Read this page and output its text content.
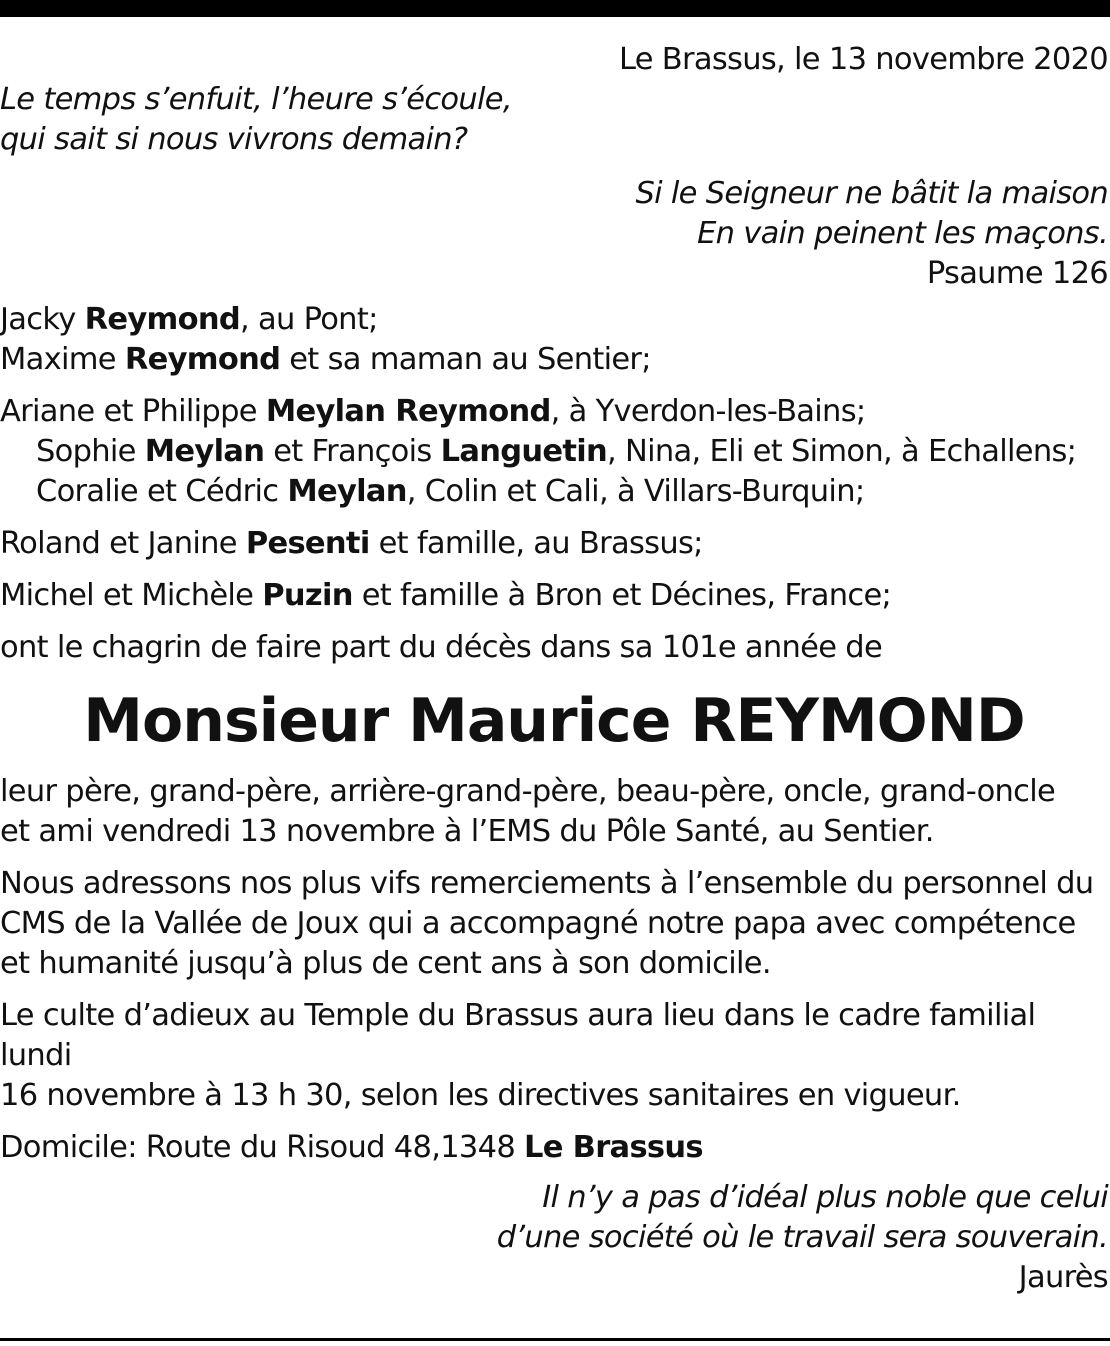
Le Brassus, le 13 novembre 2020
Le temps s’enfuit, l’heure s’écoule,
qui sait si nous vivrons demain?
Si le Seigneur ne bâtit la maison
En vain peinent les maçons.
Psaume 126
Jacky Reymond, au Pont;
Maxime Reymond et sa maman au Sentier;
Ariane et Philippe Meylan Reymond, à Yverdon-les-Bains;
Sophie Meylan et François Languetin, Nina, Eli et Simon, à Echallens;
Coralie et Cédric Meylan, Colin et Cali, à Villars-Burquin;
Roland et Janine Pesenti et famille, au Brassus;
Michel et Michèle Puzin et famille à Bron et Décines, France;
ont le chagrin de faire part du décès dans sa 101e année de
Monsieur Maurice REYMOND
leur père, grand-père, arrière-grand-père, beau-père, oncle, grand-oncle
et ami vendredi 13 novembre à l’EMS du Pôle Santé, au Sentier.
Nous adressons nos plus vifs remerciements à l’ensemble du personnel du
CMS de la Vallée de Joux qui a accompagné notre papa avec compétence
et humanité jusqu’à plus de cent ans à son domicile.
Le culte d’adieux au Temple du Brassus aura lieu dans le cadre familial lundi
16 novembre à 13 h 30, selon les directives sanitaires en vigueur.
Domicile: Route du Risoud 48,1348 Le Brassus
Il n’y a pas d’idéal plus noble que celui
d’une société où le travail sera souverain.
Jaurès
